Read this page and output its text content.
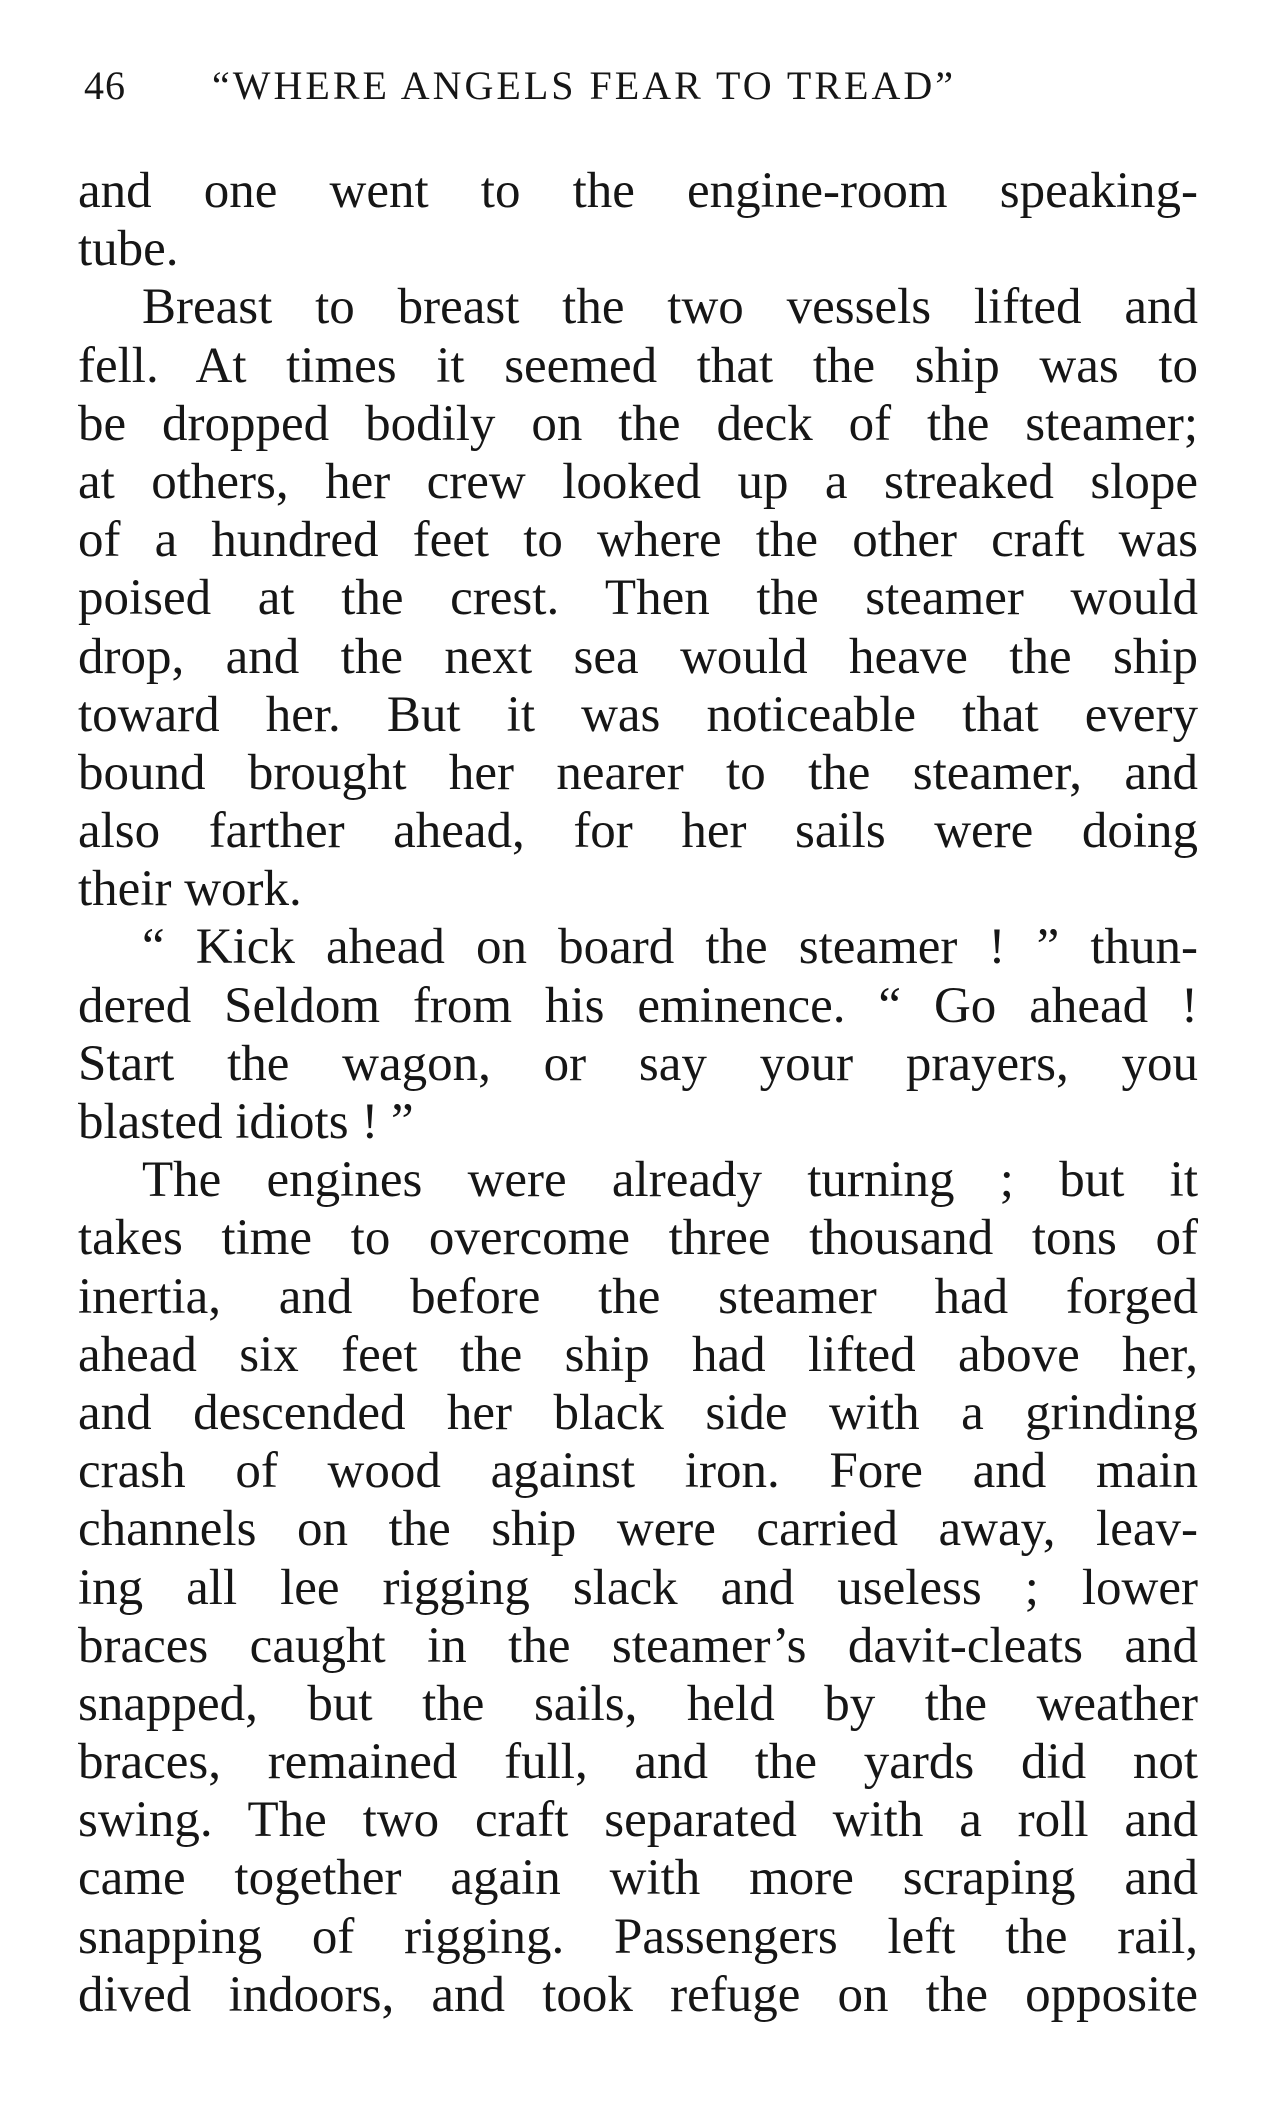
46 “WHERE ANGELS FEAR TO TREAD”
and one went to the engine-room speaking-
tube.
Breast to breast the two vessels lifted and
fell. At times it seemed that the ship was to
be dropped bodily on the deck of the steamer;
at others, her crew looked up a streaked slope
of a hundred feet to where the other craft was
poised at the crest. Then the steamer would
drop, and the next sea would heave the ship
toward her. But it was noticeable that every
bound brought her nearer to the steamer, and
also farther ahead, for her sails were doing
their work.
“ Kick ahead on board the steamer ! ” thun-
dered Seldom from his eminence. “ Go ahead !
Start the wagon, or say your prayers, you
blasted idiots ! ”
The engines were already turning ; but it
takes time to overcome three thousand tons of
inertia, and before the steamer had forged
ahead six feet the ship had lifted above her,
and descended her black side with a grinding
crash of wood against iron. Fore and main
channels on the ship were carried away, leav-
ing all lee rigging slack and useless ; lower
braces caught in the steamer’s davit-cleats and
snapped, but the sails, held by the weather
braces, remained full, and the yards did not
swing. The two craft separated with a roll and
came together again with more scraping and
snapping of rigging. Passengers left the rail,
dived indoors, and took refuge on the opposite
